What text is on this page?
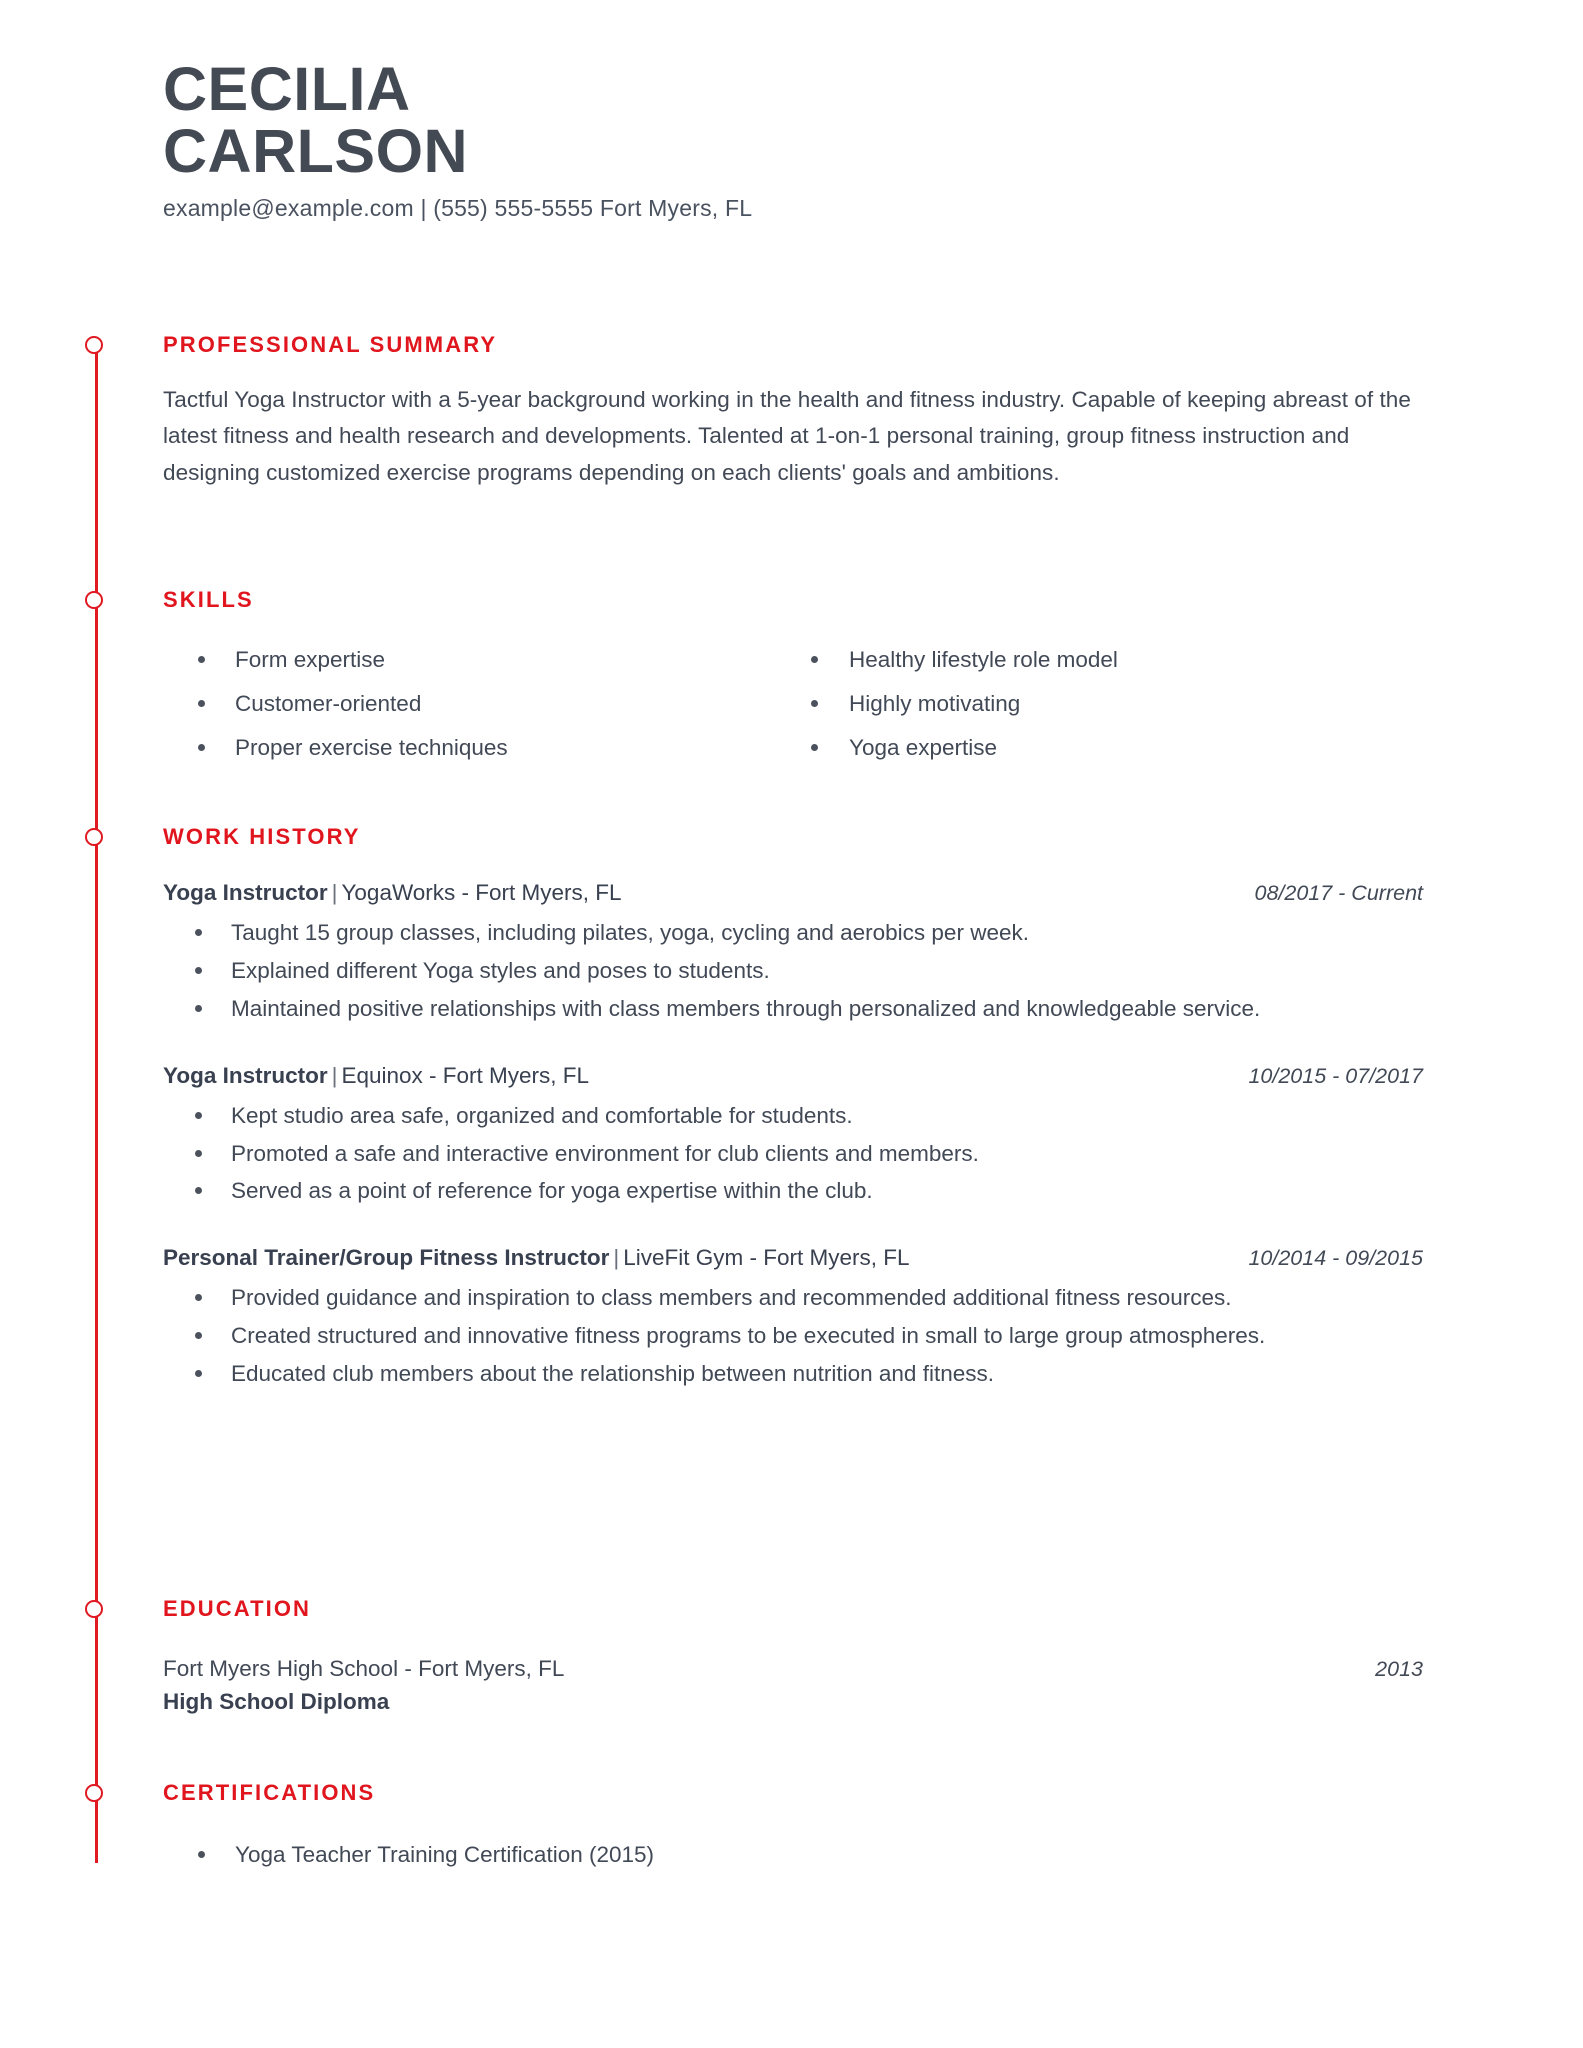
CECILIA
CARLSON
example@example.com | (555) 555-5555 Fort Myers, FL
PROFESSIONAL SUMMARY
Tactful Yoga Instructor with a 5-year background working in the health and fitness industry. Capable of keeping abreast of the latest fitness and health research and developments. Talented at 1-on-1 personal training, group fitness instruction and designing customized exercise programs depending on each clients' goals and ambitions.
SKILLS
Form expertise
Customer-oriented
Proper exercise techniques
Healthy lifestyle role model
Highly motivating
Yoga expertise
WORK HISTORY
Yoga Instructor | YogaWorks - Fort Myers, FL	08/2017 - Current
Taught 15 group classes, including pilates, yoga, cycling and aerobics per week.
Explained different Yoga styles and poses to students.
Maintained positive relationships with class members through personalized and knowledgeable service.
Yoga Instructor | Equinox - Fort Myers, FL	10/2015 - 07/2017
Kept studio area safe, organized and comfortable for students.
Promoted a safe and interactive environment for club clients and members.
Served as a point of reference for yoga expertise within the club.
Personal Trainer/Group Fitness Instructor | LiveFit Gym - Fort Myers, FL	10/2014 - 09/2015
Provided guidance and inspiration to class members and recommended additional fitness resources.
Created structured and innovative fitness programs to be executed in small to large group atmospheres.
Educated club members about the relationship between nutrition and fitness.
EDUCATION
Fort Myers High School - Fort Myers, FL	2013
High School Diploma
CERTIFICATIONS
Yoga Teacher Training Certification (2015)
